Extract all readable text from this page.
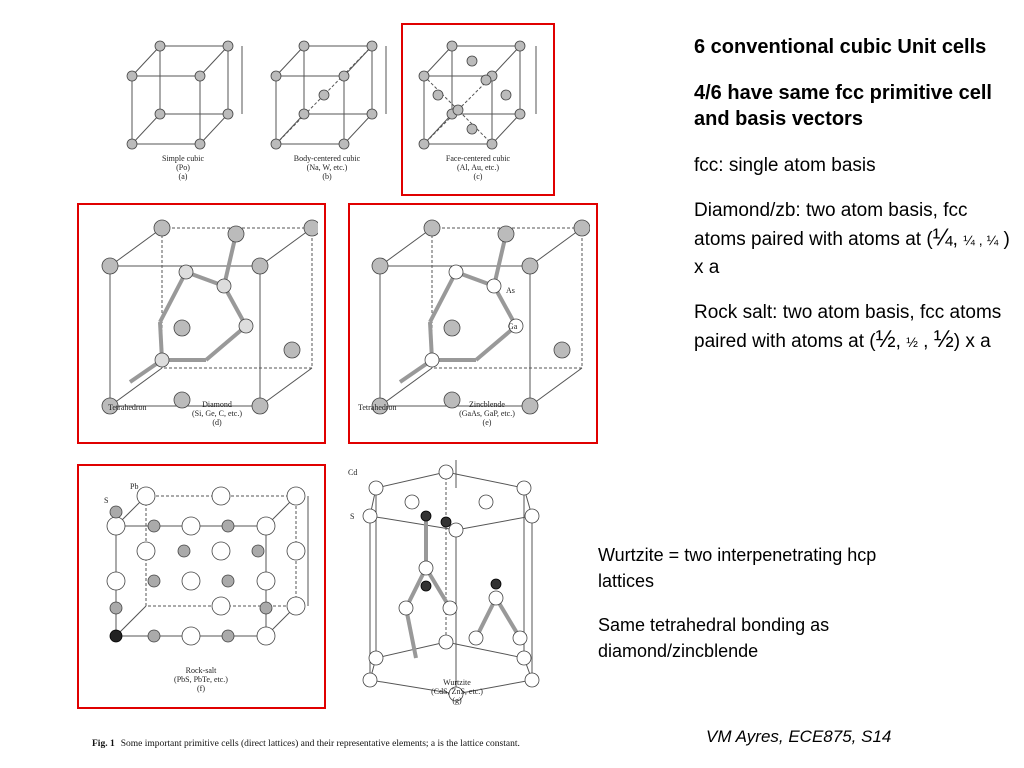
Simple cubic
(Po)
(a)
Body-centered cubic
(Na, W, etc.)
(b)
Face-centered cubic
(Al, Au, etc.)
(c)
Tetrahedron	Diamond
(Si, Ge, C, etc.)
(d)
As
Ga
Tetrahedron	Zincblende
(GaAs, GaP, etc.)
(e)
Pb
S
Rock-salt
(PbS, PbTe, etc.)
(f)
Cd
S
Wurtzite
(CdS, ZnS, etc.)
(g)
Fig. 1 Some important primitive cells (direct lattices) and their representative elements; a is the lattice constant.

6 conventional cubic Unit cells

4/6 have same fcc primitive cell and basis vectors

fcc: single atom basis

Diamond/zb: two atom basis, fcc atoms paired with atoms at (¼, ¼ , ¼ ) x a

Rock salt: two atom basis, fcc atoms paired with atoms at (½, ½ , ½) x a

Wurtzite = two interpenetrating hcp lattices

Same tetrahedral bonding as diamond/zincblende

VM Ayres, ECE875, S14
